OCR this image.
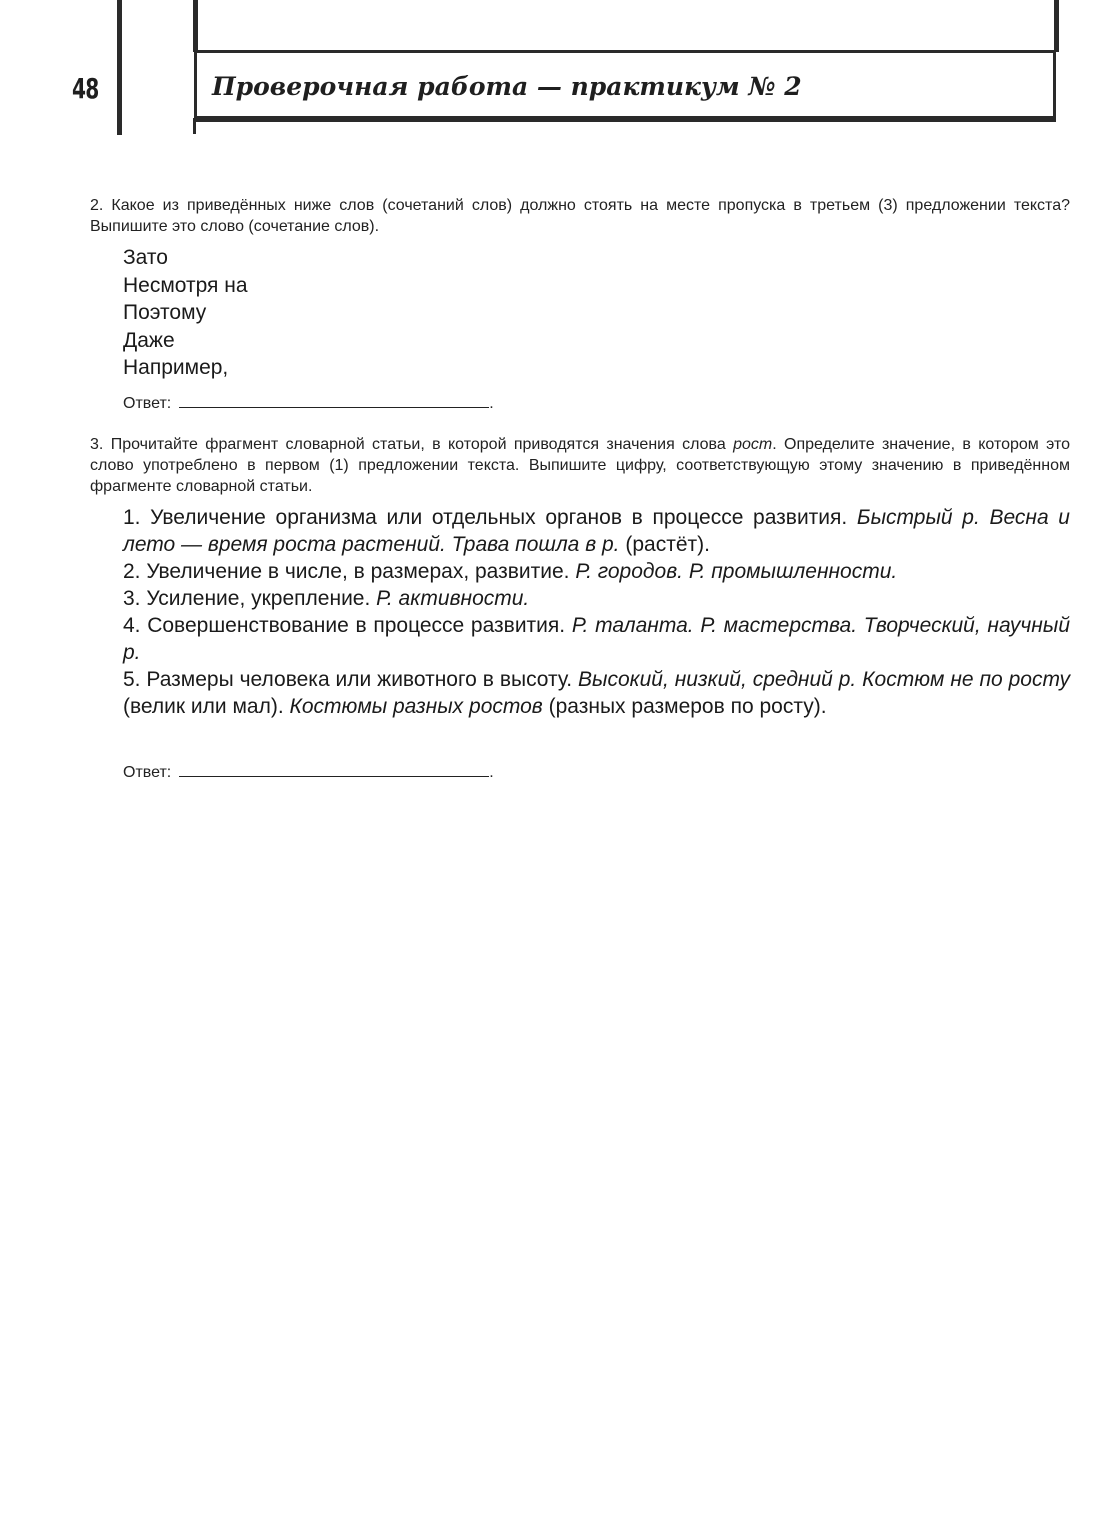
48	Проверочная работа — практикум № 2
2. Какое из приведённых ниже слов (сочетаний слов) должно стоять на месте пропуска в третьем (3) предложении текста? Выпишите это слово (сочетание слов).
Зато
Несмотря на
Поэтому
Даже
Например,
Ответ:	.
3. Прочитайте фрагмент словарной статьи, в которой приводятся значения слова рост. Определите значение, в котором это слово употреблено в первом (1) предложении текста. Выпишите цифру, соответствующую этому значению в приведённом фрагменте словарной статьи.
1. Увеличение организма или отдельных органов в процессе развития. Быстрый р. Весна и лето — время роста растений. Трава пошла в р. (растёт).
2. Увеличение в числе, в размерах, развитие. Р. городов. Р. промышленности.
3. Усиление, укрепление. Р. активности.
4. Совершенствование в процессе развития. Р. таланта. Р. мастерства. Творческий, научный р.
5. Размеры человека или животного в высоту. Высокий, низкий, средний р. Костюм не по росту (велик или мал). Костюмы разных ростов (разных размеров по росту).
Ответ:	.
